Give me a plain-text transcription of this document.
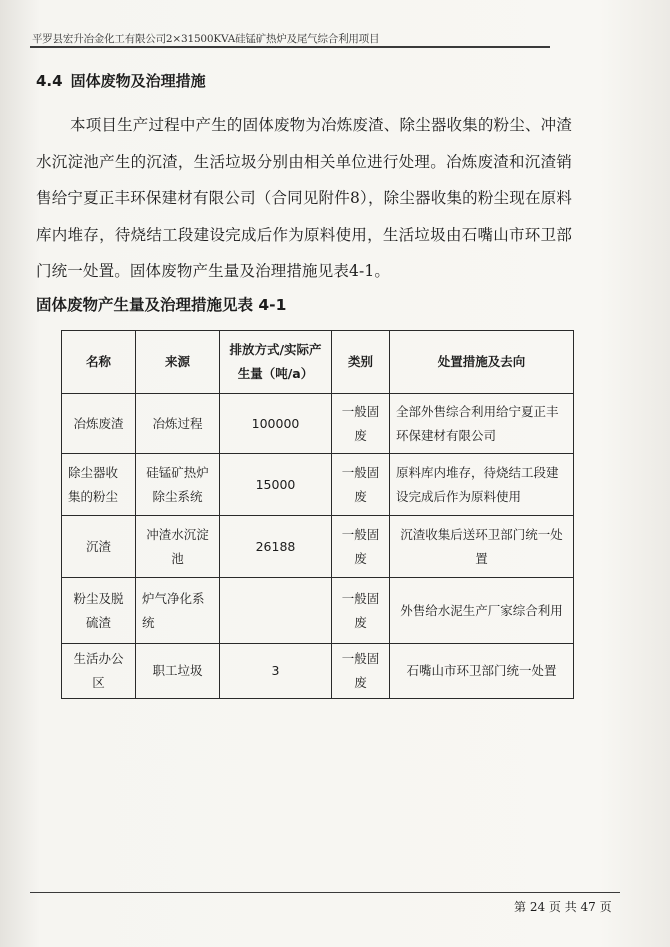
平罗县宏升冶金化工有限公司2×31500KVA硅锰矿热炉及尾气综合利用项目
4.4 固体废物及治理措施
本项目生产过程中产生的固体废物为冶炼废渣、除尘器收集的粉尘、冲渣水沉淀池产生的沉渣，生活垃圾分别由相关单位进行处理。冶炼废渣和沉渣销售给宁夏正丰环保建材有限公司（合同见附件8），除尘器收集的粉尘现在原料库内堆存，待烧结工段建设完成后作为原料使用，生活垃圾由石嘴山市环卫部门统一处置。固体废物产生量及治理措施见表4-1。
固体废物产生量及治理措施见表 4-1
名称	来源	排放方式/实际产生量（吨/a）	类别	处置措施及去向
冶炼废渣	冶炼过程	100000	一般固废	全部外售综合利用给宁夏正丰环保建材有限公司
除尘器收集的粉尘	硅锰矿热炉除尘系统	15000	一般固废	原料库内堆存，待烧结工段建设完成后作为原料使用
沉渣	冲渣水沉淀池	26188	一般固废	沉渣收集后送环卫部门统一处置
粉尘及脱硫渣	炉气净化系统		一般固废	外售给水泥生产厂家综合利用
生活办公区	职工垃圾	3	一般固废	石嘴山市环卫部门统一处置
第 24 页 共 47 页
